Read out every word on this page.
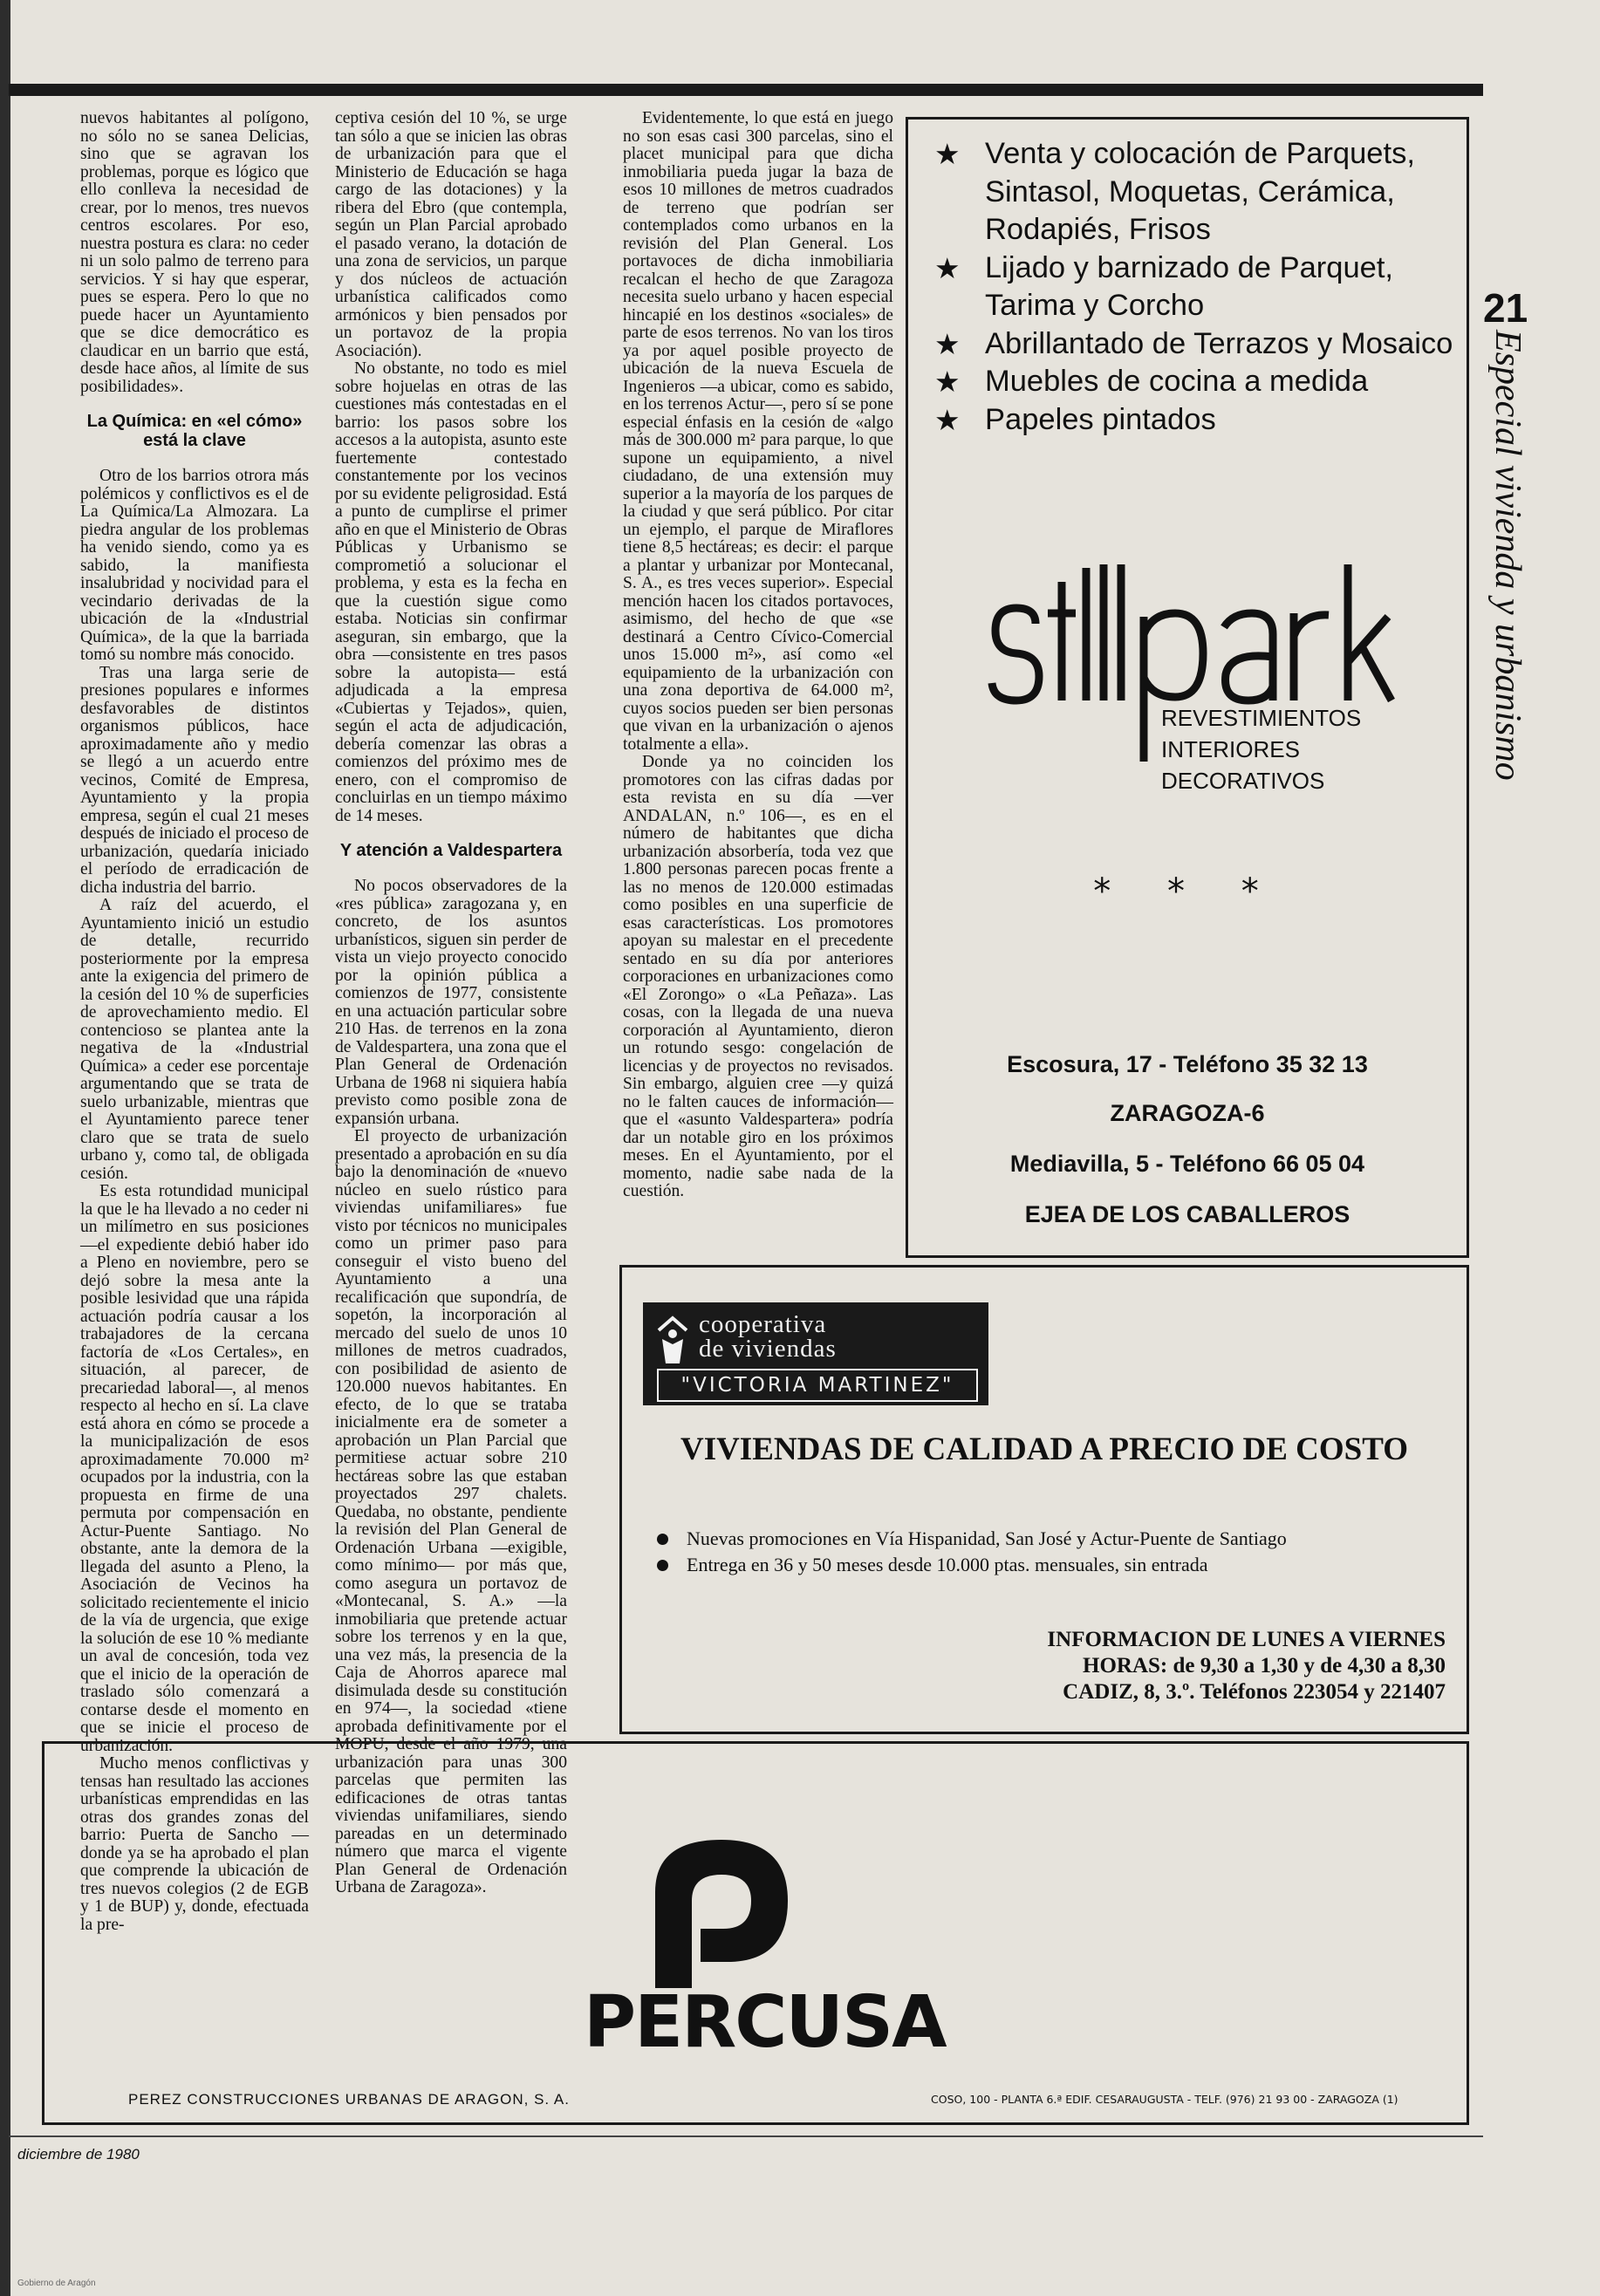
nuevos habitantes al polígono, no sólo no se sanea Delicias, sino que se agravan los problemas, porque es lógico que ello conlleva la necesidad de crear, por lo menos, tres nuevos centros escolares. Por eso, nuestra postura es clara: no ceder ni un solo palmo de terreno para servicios. Y si hay que esperar, pues se espera. Pero lo que no puede hacer un Ayuntamiento que se dice democrático es claudicar en un barrio que está, desde hace años, al límite de sus posibilidades».

La Química: en «el cómo» está la clave

Otro de los barrios otrora más polémicos y conflictivos es el de La Química/La Almozara. La piedra angular de los problemas ha venido siendo, como ya es sabido, la manifiesta insalubridad y nocividad para el vecindario derivadas de la ubicación de la «Industrial Química», de la que la barriada tomó su nombre más conocido.

Tras una larga serie de presiones populares e informes desfavorables de distintos organismos públicos, hace aproximadamente año y medio se llegó a un acuerdo entre vecinos, Comité de Empresa, Ayuntamiento y la propia empresa, según el cual 21 meses después de iniciado el proceso de urbanización, quedaría iniciado el período de erradicación de dicha industria del barrio.

A raíz del acuerdo, el Ayuntamiento inició un estudio de detalle, recurrido posteriormente por la empresa ante la exigencia del primero de la cesión del 10 % de superficies de aprovechamiento medio. El contencioso se plantea ante la negativa de la «Industrial Química» a ceder ese porcentaje argumentando que se trata de suelo urbanizable, mientras que el Ayuntamiento parece tener claro que se trata de suelo urbano y, como tal, de obligada cesión.

Es esta rotundidad municipal la que le ha llevado a no ceder ni un milímetro en sus posiciones —el expediente debió haber ido a Pleno en noviembre, pero se dejó sobre la mesa ante la posible lesividad que una rápida actuación podría causar a los trabajadores de la cercana factoría de «Los Certales», en situación, al parecer, de precariedad laboral—, al menos respecto al hecho en sí. La clave está ahora en cómo se procede a la municipalización de esos aproximadamente 70.000 m² ocupados por la industria, con la propuesta en firme de una permuta por compensación en Actur-Puente Santiago. No obstante, ante la demora de la llegada del asunto a Pleno, la Asociación de Vecinos ha solicitado recientemente el inicio de la vía de urgencia, que exige la solución de ese 10 % mediante un aval de concesión, toda vez que el inicio de la operación de traslado sólo comenzará a contarse desde el momento en que se inicie el proceso de urbanización.

Mucho menos conflictivas y tensas han resultado las acciones urbanísticas emprendidas en las otras dos grandes zonas del barrio: Puerta de Sancho —donde ya se ha aprobado el plan que comprende la ubicación de tres nuevos colegios (2 de EGB y 1 de BUP) y, donde, efectuada la pre-

ceptiva cesión del 10 %, se urge tan sólo a que se inicien las obras de urbanización para que el Ministerio de Educación se haga cargo de las dotaciones) y la ribera del Ebro (que contempla, según un Plan Parcial aprobado el pasado verano, la dotación de una zona de servicios, un parque y dos núcleos de actuación urbanística calificados como armónicos y bien pensados por un portavoz de la propia Asociación).

No obstante, no todo es miel sobre hojuelas en otras de las cuestiones más contestadas en el barrio: los pasos sobre los accesos a la autopista, asunto este fuertemente contestado constantemente por los vecinos por su evidente peligrosidad. Está a punto de cumplirse el primer año en que el Ministerio de Obras Públicas y Urbanismo se comprometió a solucionar el problema, y esta es la fecha en que la cuestión sigue como estaba. Noticias sin confirmar aseguran, sin embargo, que la obra —consistente en tres pasos sobre la autopista— está adjudicada a la empresa «Cubiertas y Tejados», quien, según el acta de adjudicación, debería comenzar las obras a comienzos del próximo mes de enero, con el compromiso de concluirlas en un tiempo máximo de 14 meses.

Y atención a Valdespartera

No pocos observadores de la «res pública» zaragozana y, en concreto, de los asuntos urbanísticos, siguen sin perder de vista un viejo proyecto conocido por la opinión pública a comienzos de 1977, consistente en una actuación particular sobre 210 Has. de terrenos en la zona de Valdespartera, una zona que el Plan General de Ordenación Urbana de 1968 ni siquiera había previsto como posible zona de expansión urbana.

El proyecto de urbanización presentado a aprobación en su día bajo la denominación de «nuevo núcleo en suelo rústico para viviendas unifamiliares» fue visto por técnicos no municipales como un primer paso para conseguir el visto bueno del Ayuntamiento a una recalificación que supondría, de sopetón, la incorporación al mercado del suelo de unos 10 millones de metros cuadrados, con posibilidad de asiento de 120.000 nuevos habitantes. En efecto, de lo que se trataba inicialmente era de someter a aprobación un Plan Parcial que permitiese actuar sobre 210 hectáreas sobre las que estaban proyectados 297 chalets. Quedaba, no obstante, pendiente la revisión del Plan General de Ordenación Urbana —exigible, como mínimo— por más que, como asegura un portavoz de «Montecanal, S. A.» —la inmobiliaria que pretende actuar sobre los terrenos y en la que, una vez más, la presencia de la Caja de Ahorros aparece mal disimulada desde su constitución en 974—, la sociedad «tiene aprobada definitivamente por el MOPU, desde el año 1979, una urbanización para unas 300 parcelas que permiten las edificaciones de otras tantas viviendas unifamiliares, siendo pareadas en un determinado número que marca el vigente Plan General de Ordenación Urbana de Zaragoza».

Evidentemente, lo que está en juego no son esas casi 300 parcelas, sino el placet municipal para que dicha inmobiliaria pueda jugar la baza de esos 10 millones de metros cuadrados de terreno que podrían ser contemplados como urbanos en la revisión del Plan General. Los portavoces de dicha inmobiliaria recalcan el hecho de que Zaragoza necesita suelo urbano y hacen especial hincapié en los destinos «sociales» de parte de esos terrenos. No van los tiros ya por aquel posible proyecto de ubicación de la nueva Escuela de Ingenieros —a ubicar, como es sabido, en los terrenos Actur—, pero sí se pone especial énfasis en la cesión de «algo más de 300.000 m² para parque, lo que supone un equipamiento, a nivel ciudadano, de una extensión muy superior a la mayoría de los parques de la ciudad y que será público. Por citar un ejemplo, el parque de Miraflores tiene 8,5 hectáreas; es decir: el parque a plantar y urbanizar por Montecanal, S. A., es tres veces superior». Especial mención hacen los citados portavoces, asimismo, del hecho de que «se destinará a Centro Cívico-Comercial unos 15.000 m²», así como «el equipamiento de la urbanización con una zona deportiva de 64.000 m², cuyos socios pueden ser bien personas que vivan en la urbanización o ajenos totalmente a ella».

Donde ya no coinciden los promotores con las cifras dadas por esta revista en su día —ver ANDALAN, n.º 106—, es en el número de habitantes que dicha urbanización absorbería, toda vez que 1.800 personas parecen pocas frente a las no menos de 120.000 estimadas como posibles en una superficie de esas características. Los promotores apoyan su malestar en el precedente sentado en su día por anteriores corporaciones en urbanizaciones como «El Zorongo» o «La Peñaza». Las cosas, con la llegada de una nueva corporación al Ayuntamiento, dieron un rotundo sesgo: congelación de licencias y de proyectos no revisados. Sin embargo, alguien cree —y quizá no le falten cauces de información— que el «asunto Valdespartera» podría dar un notable giro en los próximos meses. En el Ayuntamiento, por el momento, nadie sabe nada de la cuestión.

21
Especial vivienda y urbanismo
★ Venta y colocación de Parquets, Sintasol, Moquetas, Cerámica, Rodapiés, Frisos
★ Lijado y barnizado de Parquet, Tarima y Corcho
★ Abrillantado de Terrazos y Mosaico
★ Muebles de cocina a medida
★ Papeles pintados
REVESTIMIENTOS
INTERIORES
DECORATIVOS
* * *
Escosura, 17 - Teléfono 35 32 13
ZARAGOZA-6
Mediavilla, 5 - Teléfono 66 05 04
EJEA DE LOS CABALLEROS
cooperativa
de viviendas
"VICTORIA MARTINEZ"
VIVIENDAS DE CALIDAD A PRECIO DE COSTO
Nuevas promociones en Vía Hispanidad, San José y Actur-Puente de Santiago
Entrega en 36 y 50 meses desde 10.000 ptas. mensuales, sin entrada
INFORMACION DE LUNES A VIERNES
HORAS: de 9,30 a 1,30 y de 4,30 a 8,30
CADIZ, 8, 3.º. Teléfonos 223054 y 221407
PERCUSA
PEREZ CONSTRUCCIONES URBANAS DE ARAGON, S. A.	COSO, 100 - PLANTA 6.ª EDIF. CESARAUGUSTA - TELF. (976) 21 93 00 - ZARAGOZA (1)
diciembre de 1980
Gobierno de Aragón
